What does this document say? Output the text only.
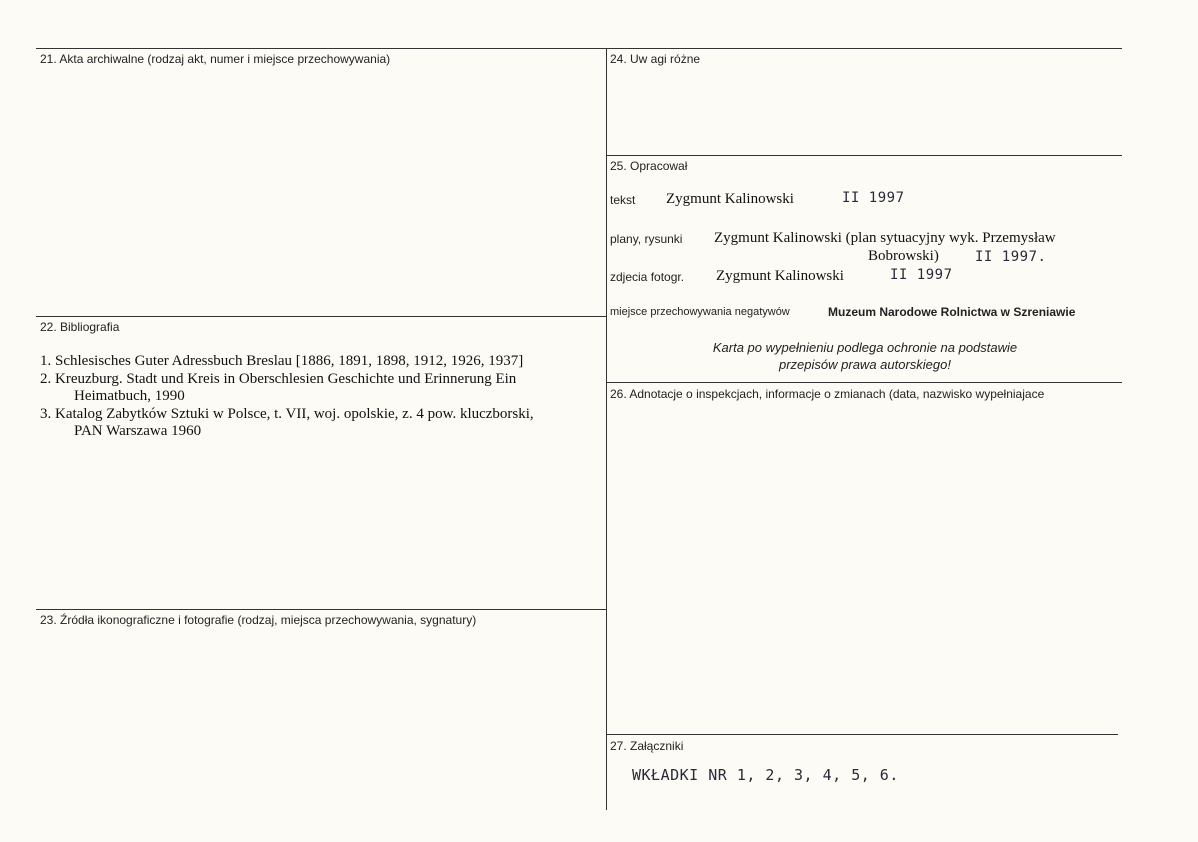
21. Akta archiwalne (rodzaj akt, numer i miejsce przechowywania)
22. Bibliografia
1. Schlesisches Guter Adressbuch Breslau [1886, 1891, 1898, 1912, 1926, 1937]
2. Kreuzburg. Stadt und Kreis in Oberschlesien Geschichte und Erinnerung Ein
Heimatbuch, 1990
3. Katalog Zabytków Sztuki w Polsce, t. VII, woj. opolskie, z. 4 pow. kluczborski,
PAN Warszawa 1960
23. Źródła ikonograficzne i fotografie (rodzaj, miejsca przechowywania, sygnatury)
24. Uw agi różne
25. Opracował
tekst Zygmunt Kalinowski	II 1997
plany, rysunki Zygmunt Kalinowski (plan sytuacyjny wyk. Przemysław
Bobrowski)	II 1997.
zdjecia fotogr. Zygmunt Kalinowski	II 1997
miejsce przechowywania negatywów	Muzeum Narodowe Rolnictwa w Szreniawie
Karta po wypełnieniu podlega ochronie na podstawie
przepisów prawa autorskiego!
26. Adnotacje o inspekcjach, informacje o zmianach (data, nazwisko wypełniajace
27. Załączniki
WKŁADKI NR 1, 2, 3, 4, 5, 6.
